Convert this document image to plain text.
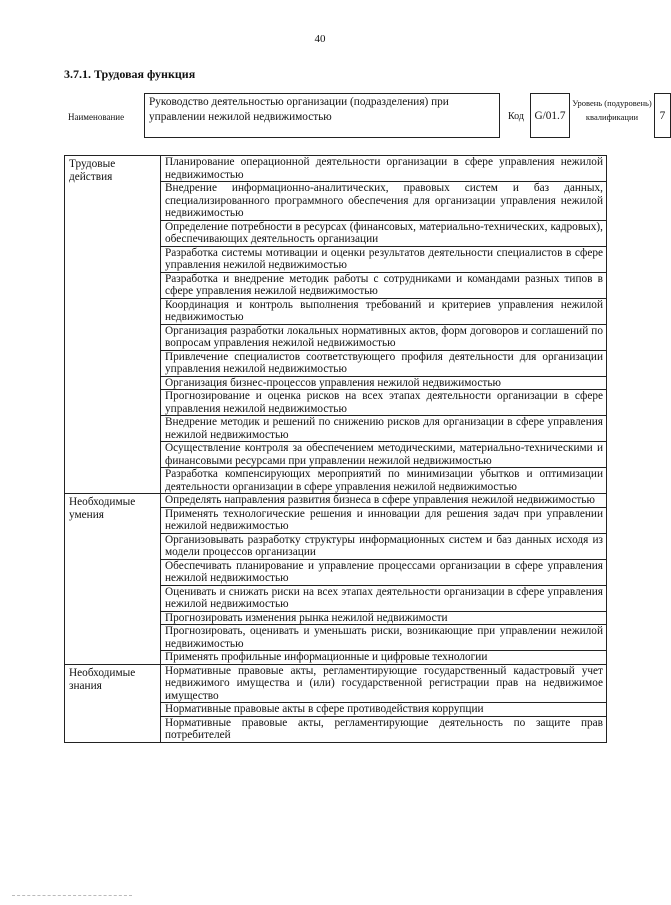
40
3.7.1. Трудовая функция
Наименование
Руководство деятельностью организации (подразделения) при управлении нежилой недвижимостью	Код G/01.7
Уровень (подуровень) квалификации	7
Трудовые действия	Планирование операционной деятельности организации в сфере управления нежилой недвижимостью
	Внедрение информационно-аналитических, правовых систем и баз данных, специализированного программного обеспечения для организации управления нежилой недвижимостью
	Определение потребности в ресурсах (финансовых, материально-технических, кадровых), обеспечивающих деятельность организации
	Разработка системы мотивации и оценки результатов деятельности специалистов в сфере управления нежилой недвижимостью
	Разработка и внедрение методик работы с сотрудниками и командами разных типов в сфере управления нежилой недвижимостью
	Координация и контроль выполнения требований и критериев управления нежилой недвижимостью
	Организация разработки локальных нормативных актов, форм договоров и соглашений по вопросам управления нежилой недвижимостью
	Привлечение специалистов соответствующего профиля деятельности для организации управления нежилой недвижимостью
	Организация бизнес-процессов управления нежилой недвижимостью
	Прогнозирование и оценка рисков на всех этапах деятельности организации в сфере управления нежилой недвижимостью
	Внедрение методик и решений по снижению рисков для организации в сфере управления нежилой недвижимостью
	Осуществление контроля за обеспечением методическими, материально-техническими и финансовыми ресурсами при управлении нежилой недвижимостью
	Разработка компенсирующих мероприятий по минимизации убытков и оптимизации деятельности организации в сфере управления нежилой недвижимостью
Необходимые умения	Определять направления развития бизнеса в сфере управления нежилой недвижимостью
	Применять технологические решения и инновации для решения задач при управлении нежилой недвижимостью
	Организовывать разработку структуры информационных систем и баз данных исходя из модели процессов организации
	Обеспечивать планирование и управление процессами организации в сфере управления нежилой недвижимостью
	Оценивать и снижать риски на всех этапах деятельности организации в сфере управления нежилой недвижимостью
	Прогнозировать изменения рынка нежилой недвижимости
	Прогнозировать, оценивать и уменьшать риски, возникающие при управлении нежилой недвижимостью
	Применять профильные информационные и цифровые технологии
Необходимые знания	Нормативные правовые акты, регламентирующие государственный кадастровый учет недвижимого имущества и (или) государственной регистрации прав на недвижимое имущество
	Нормативные правовые акты в сфере противодействия коррупции
	Нормативные правовые акты, регламентирующие деятельность по защите прав потребителей
